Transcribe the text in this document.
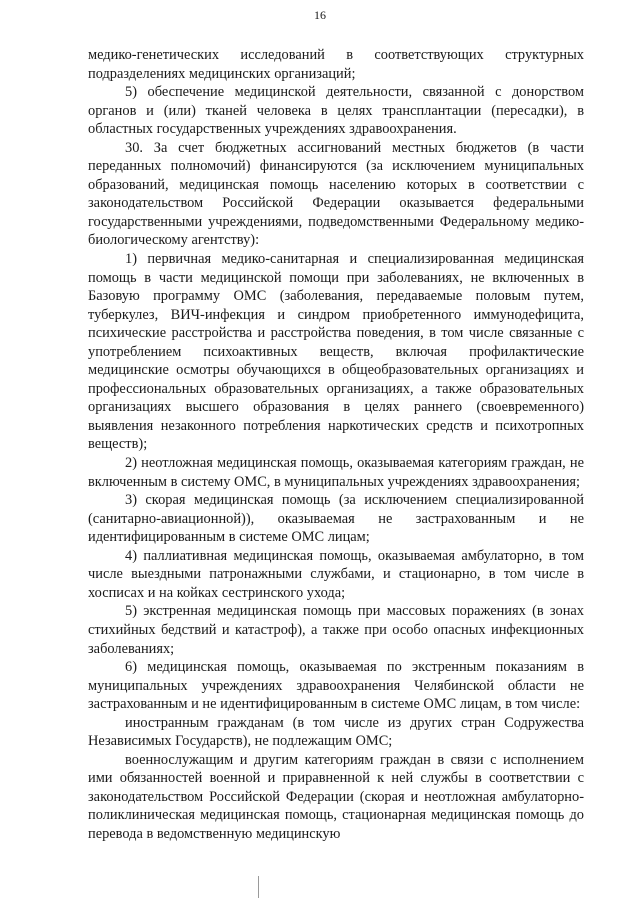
16

медико-генетических исследований в соответствующих структурных подразделениях медицинских организаций;

5) обеспечение медицинской деятельности, связанной с донорством органов и (или) тканей человека в целях трансплантации (пересадки), в областных государственных учреждениях здравоохранения.

30. За счет бюджетных ассигнований местных бюджетов (в части переданных полномочий) финансируются (за исключением муниципальных образований, медицинская помощь населению которых в соответствии с законодательством Российской Федерации оказывается федеральными государственными учреждениями, подведомственными Федеральному медико-биологическому агентству):

1) первичная медико-санитарная и специализированная медицинская помощь в части медицинской помощи при заболеваниях, не включенных в Базовую программу ОМС (заболевания, передаваемые половым путем, туберкулез, ВИЧ-инфекция и синдром приобретенного иммунодефицита, психические расстройства и расстройства поведения, в том числе связанные с употреблением психоактивных веществ, включая профилактические медицинские осмотры обучающихся в общеобразовательных организациях и профессиональных образовательных организациях, а также образовательных организациях высшего образования в целях раннего (своевременного) выявления незаконного потребления наркотических средств и психотропных веществ);

2) неотложная медицинская помощь, оказываемая категориям граждан, не включенным в систему ОМС, в муниципальных учреждениях здравоохранения;

3) скорая медицинская помощь (за исключением специализированной (санитарно-авиационной)), оказываемая не застрахованным и не идентифицированным в системе ОМС лицам;

4) паллиативная медицинская помощь, оказываемая амбулаторно, в том числе выездными патронажными службами, и стационарно, в том числе в хосписах и на койках сестринского ухода;

5) экстренная медицинская помощь при массовых поражениях (в зонах стихийных бедствий и катастроф), а также при особо опасных инфекционных заболеваниях;

6) медицинская помощь, оказываемая по экстренным показаниям в муниципальных учреждениях здравоохранения Челябинской области не застрахованным и не идентифицированным в системе ОМС лицам, в том числе:

иностранным гражданам (в том числе из других стран Содружества Независимых Государств), не подлежащим ОМС;

военнослужащим и другим категориям граждан в связи с исполнением ими обязанностей военной и приравненной к ней службы в соответствии с законодательством Российской Федерации (скорая и неотложная амбулаторно-поликлиническая медицинская помощь, стационарная медицинская помощь до перевода в ведомственную медицинскую
